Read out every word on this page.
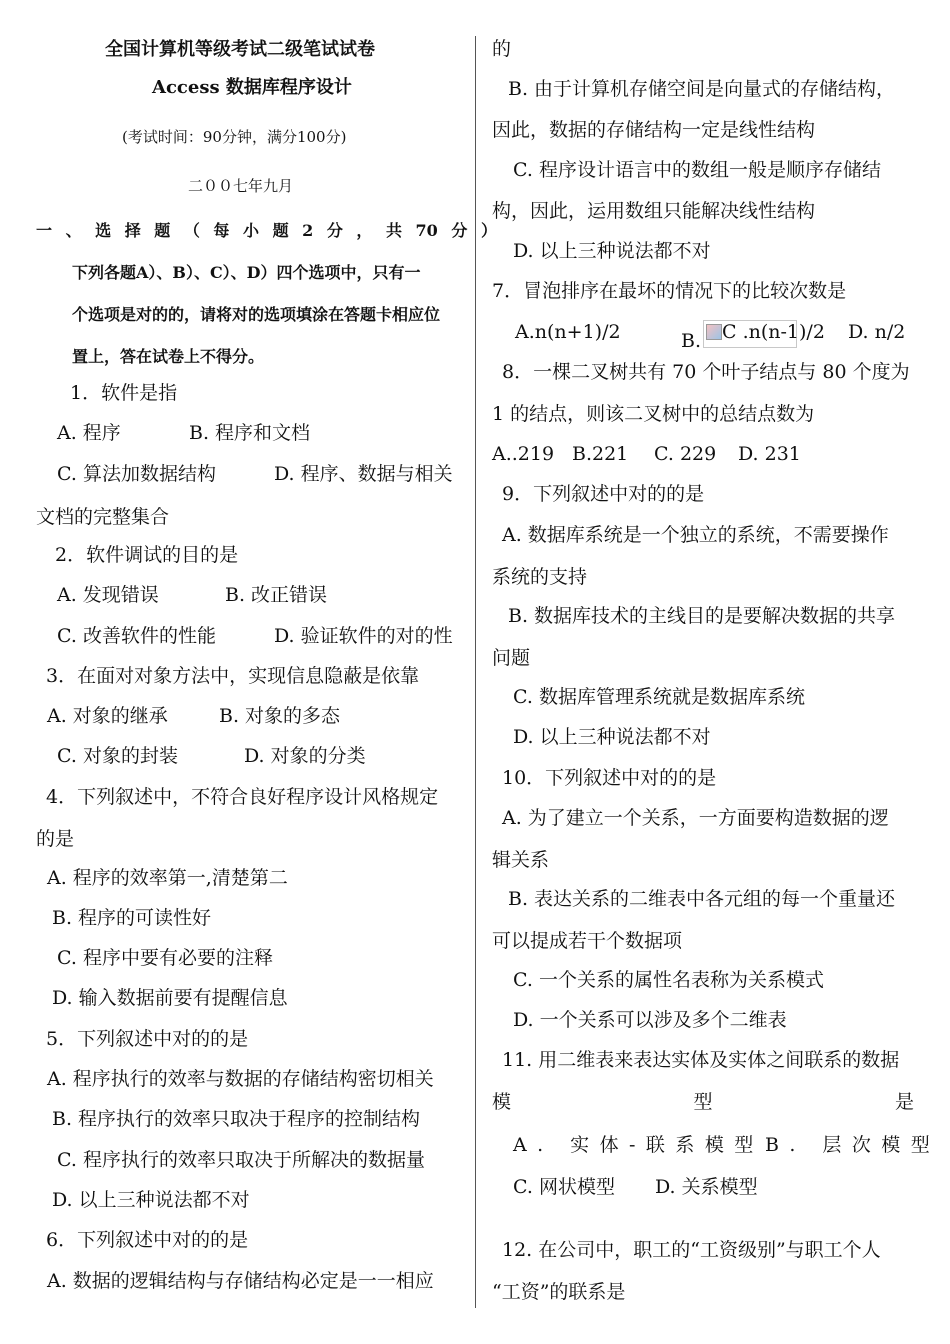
全国计算机等级考试二级笔试试卷
Access 数据库程序设计
(考试时间：90分钟，满分100分)
二００七年九月
一 、 选 择 题 （ 每 小 题 2 分 ， 共 70 分 ）
下列各题A）、B）、C）、D）四个选项中，只有一
个选项是对的的，请将对的选项填涂在答题卡相应位
置上，答在试卷上不得分。
1．软件是指
A. 程序	B. 程序和文档
C. 算法加数据结构	D. 程序、数据与相关
文档的完整集合
2．软件调试的目的是
A. 发现错误	B. 改正错误
C. 改善软件的性能	D. 验证软件的对的性
3．在面对对象方法中，实现信息隐蔽是依靠
A. 对象的继承	B. 对象的多态
C. 对象的封装	D. 对象的分类
4．下列叙述中，不符合良好程序设计风格规定
的是
A. 程序的效率第一,清楚第二
B. 程序的可读性好
C. 程序中要有必要的注释
D. 输入数据前要有提醒信息
5．下列叙述中对的的是
A. 程序执行的效率与数据的存储结构密切相关
B. 程序执行的效率只取决于程序的控制结构
C. 程序执行的效率只取决于所解决的数据量
D. 以上三种说法都不对
6．下列叙述中对的的是
A. 数据的逻辑结构与存储结构必定是一一相应
的
B. 由于计算机存储空间是向量式的存储结构，
因此，数据的存储结构一定是线性结构
C. 程序设计语言中的数组一般是顺序存储结
构，因此，运用数组只能解决线性结构
D. 以上三种说法都不对
7．冒泡排序在最坏的情况下的比较次数是
A.n(n+1)/2	B. C .n(n-1)/2 D. n/2
8．一棵二叉树共有 70 个叶子结点与 80 个度为
1 的结点，则该二叉树中的总结点数为
A..219 B.221 C. 229 D. 231
9．下列叙述中对的的是
A. 数据库系统是一个独立的系统，不需要操作
系统的支持
B. 数据库技术的主线目的是要解决数据的共享
问题
C. 数据库管理系统就是数据库系统
D. 以上三种说法都不对
10．下列叙述中对的的是
A. 为了建立一个关系，一方面要构造数据的逻
辑关系
B. 表达关系的二维表中各元组的每一个重量还
可以提成若干个数据项
C. 一个关系的属性名表称为关系模式
D. 一个关系可以涉及多个二维表
11. 用二维表来表达实体及实体之间联系的数据
模	型	是
A. 实体-联系模型 B. 层次模型
C. 网状模型 D. 关系模型
12. 在公司中，职工的“工资级别”与职工个人
“工资”的联系是
